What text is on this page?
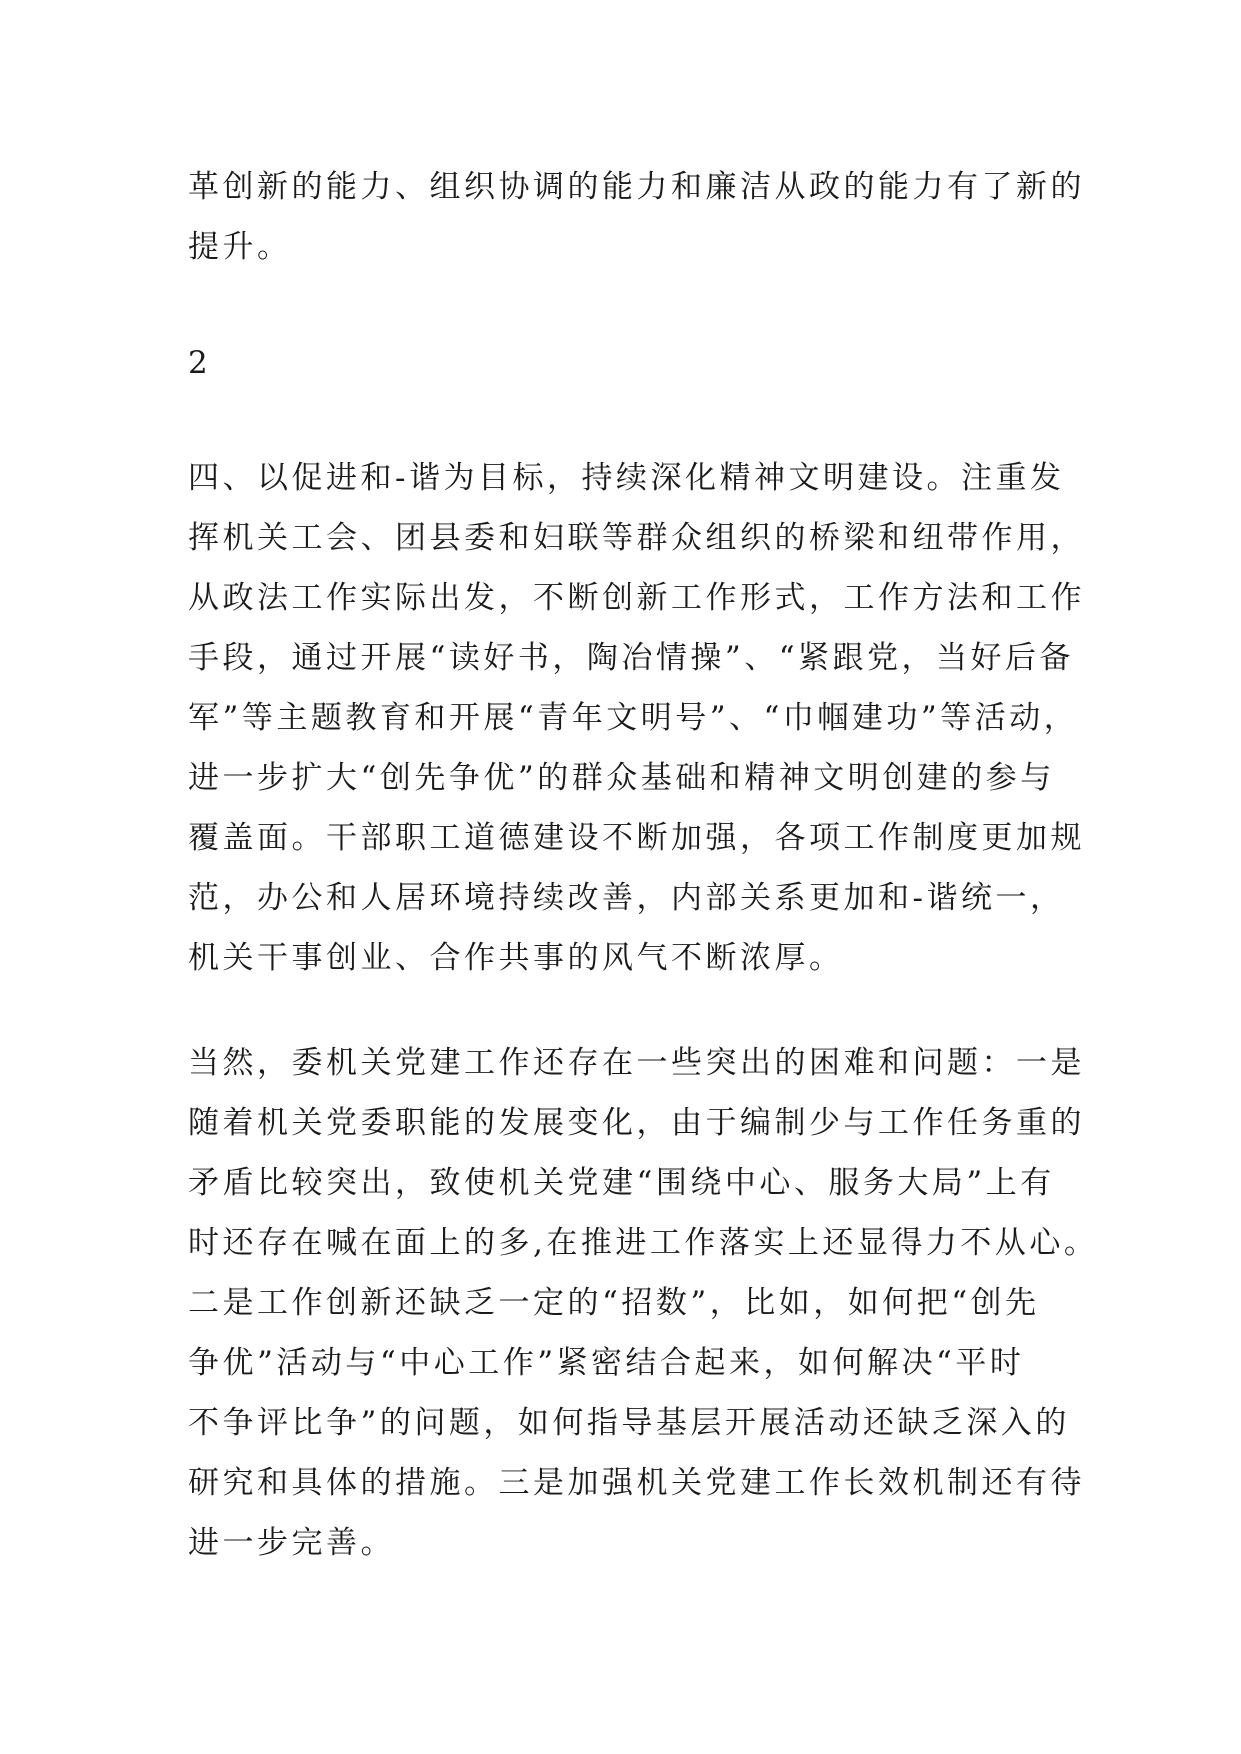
革创新的能力、组织协调的能力和廉洁从政的能力有了新的
提升。

2

四、以促进和-谐为目标，持续深化精神文明建设。注重发
挥机关工会、团县委和妇联等群众组织的桥梁和纽带作用，
从政法工作实际出发，不断创新工作形式，工作方法和工作
手段，通过开展“读好书，陶冶情操”、“紧跟党，当好后备
军”等主题教育和开展“青年文明号”、“巾帼建功”等活动，
进一步扩大“创先争优”的群众基础和精神文明创建的参与
覆盖面。干部职工道德建设不断加强，各项工作制度更加规
范，办公和人居环境持续改善，内部关系更加和-谐统一，
机关干事创业、合作共事的风气不断浓厚。

当然，委机关党建工作还存在一些突出的困难和问题：一是
随着机关党委职能的发展变化，由于编制少与工作任务重的
矛盾比较突出，致使机关党建“围绕中心、服务大局”上有
时还存在喊在面上的多,在推进工作落实上还显得力不从心。
二是工作创新还缺乏一定的“招数”，比如，如何把“创先
争优”活动与“中心工作”紧密结合起来，如何解决“平时
不争评比争”的问题，如何指导基层开展活动还缺乏深入的
研究和具体的措施。三是加强机关党建工作长效机制还有待
进一步完善。
